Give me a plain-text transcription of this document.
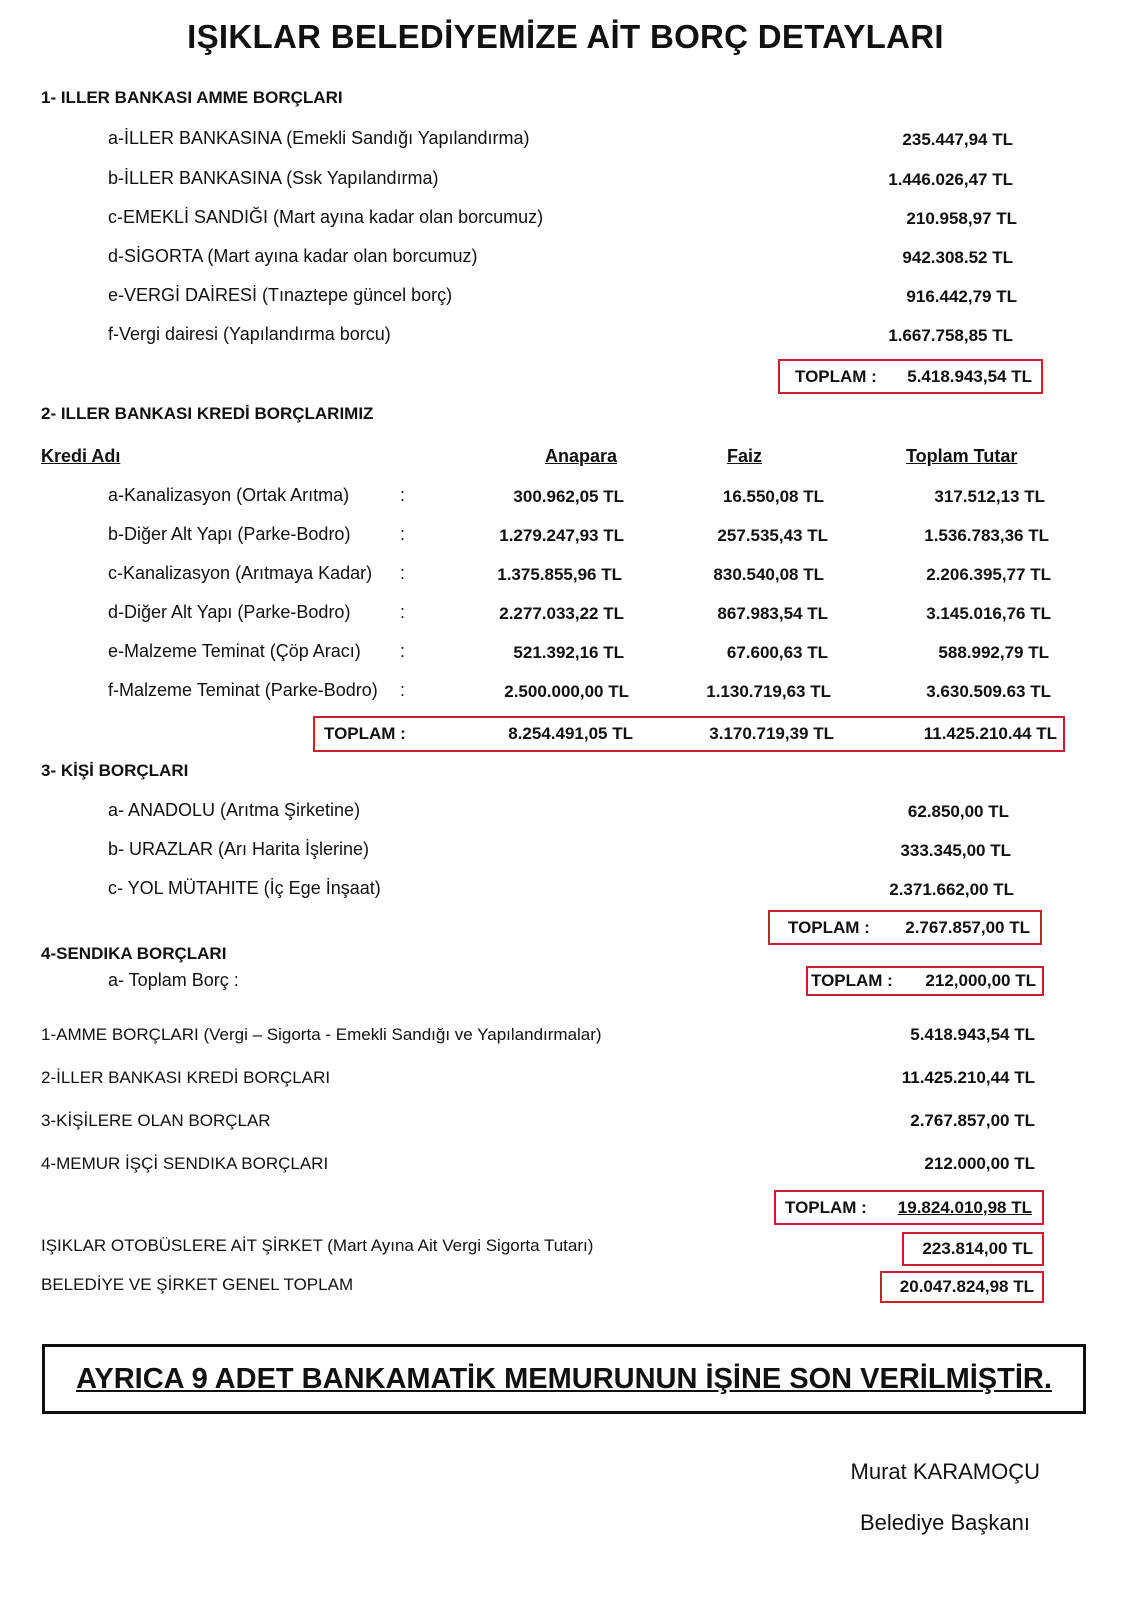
IŞIKLAR BELEDİYEMİZE AİT BORÇ DETAYLARI
1- ILLER BANKASI AMME BORÇLARI
a-İLLER BANKASINA (Emekli Sandığı Yapılandırma)	235.447,94 TL
b-İLLER BANKASINA (Ssk Yapılandırma)	1.446.026,47 TL
c-EMEKLİ SANDIĞI (Mart ayına kadar olan borcumuz)	210.958,97 TL
d-SİGORTA (Mart ayına kadar olan borcumuz)	942.308.52 TL
e-VERGİ DAİRESİ (Tınaztepe güncel borç)	916.442,79 TL
f-Vergi dairesi (Yapılandırma borcu)	1.667.758,85 TL
TOPLAM : 5.418.943,54 TL
2- ILLER BANKASI KREDİ BORÇLARIMIZ
Kredi Adı	Anapara	Faiz	Toplam Tutar
a-Kanalizasyon (Ortak Arıtma)	:	300.962,05 TL	16.550,08 TL	317.512,13 TL
b-Diğer Alt Yapı (Parke-Bodro)	:	1.279.247,93 TL	257.535,43 TL	1.536.783,36 TL
c-Kanalizasyon (Arıtmaya Kadar) :	1.375.855,96 TL	830.540,08 TL	2.206.395,77 TL
d-Diğer Alt Yapı (Parke-Bodro)	:	2.277.033,22 TL	867.983,54 TL	3.145.016,76 TL
e-Malzeme Teminat (Çöp Aracı) :	521.392,16 TL	67.600,63 TL	588.992,79 TL
f-Malzeme Teminat (Parke-Bodro) :	2.500.000,00 TL	1.130.719,63 TL	3.630.509.63 TL
TOPLAM :	8.254.491,05 TL	3.170.719,39 TL	11.425.210.44 TL
3- KİŞİ BORÇLARI
a- ANADOLU (Arıtma Şirketine)	62.850,00 TL
b- URAZLAR (Arı Harita İşlerine)	333.345,00 TL
c- YOL MÜTAHITE (İç Ege İnşaat)	2.371.662,00 TL
TOPLAM : 2.767.857,00 TL
4-SENDIKA BORÇLARI
a- Toplam Borç :	TOPLAM : 212,000,00 TL
1-AMME BORÇLARI (Vergi – Sigorta - Emekli Sandığı ve Yapılandırmalar)	5.418.943,54 TL
2-İLLER BANKASI KREDİ BORÇLARI	11.425.210,44 TL
3-KİŞİLERE OLAN BORÇLAR	2.767.857,00 TL
4-MEMUR İŞÇİ SENDIKA BORÇLARI	212.000,00 TL
TOPLAM : 19.824.010,98 TL
IŞIKLAR OTOBÜSLERE AİT ŞİRKET (Mart Ayına Ait Vergi Sigorta Tutarı)	223.814,00 TL
BELEDİYE VE ŞİRKET GENEL TOPLAM	20.047.824,98 TL
AYRICA 9 ADET BANKAMATİK MEMURUNUN İŞİNE SON VERİLMİŞTİR.
Murat KARAMOÇU
Belediye Başkanı
